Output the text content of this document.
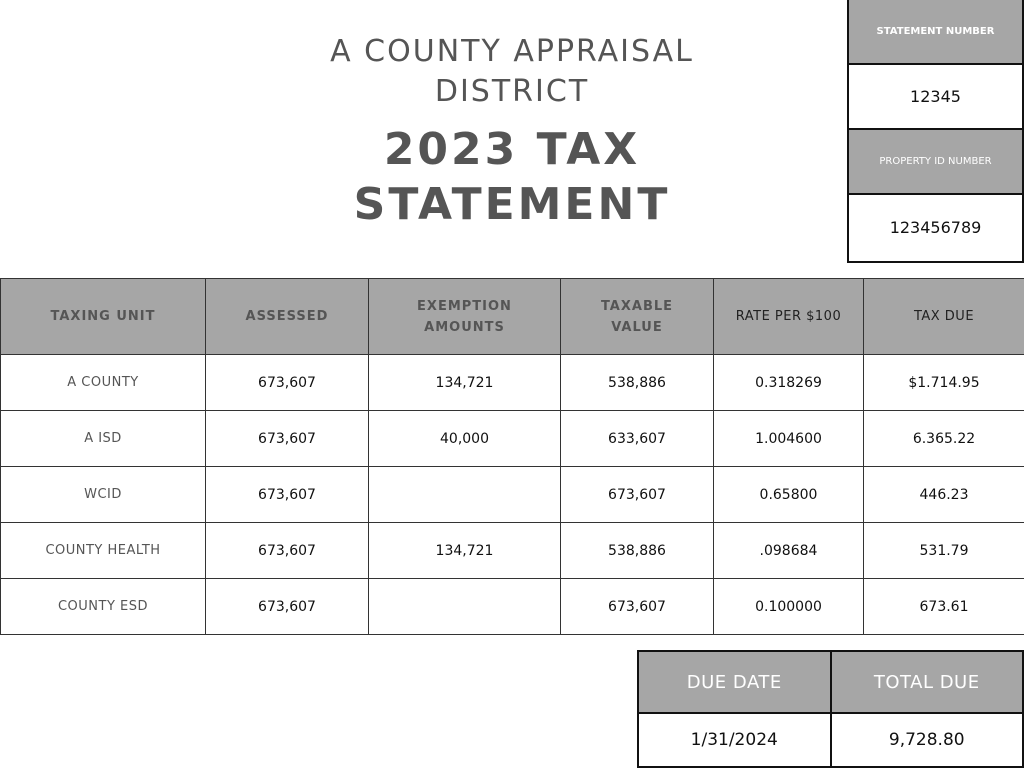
A COUNTY APPRAISAL DISTRICT
2023 TAX STATEMENT
STATEMENT NUMBER
12345
PROPERTY ID NUMBER
123456789
TAXING UNIT	ASSESSED	EXEMPTION AMOUNTS	TAXABLE VALUE	RATE PER $100	TAX DUE
A COUNTY	673,607	134,721	538,886	0.318269	$1.714.95
A ISD	673,607	40,000	633,607	1.004600	6.365.22
WCID	673,607		673,607	0.65800	446.23
COUNTY HEALTH	673,607	134,721	538,886	.098684	531.79
COUNTY ESD	673,607		673,607	0.100000	673.61
DUE DATE	TOTAL DUE
1/31/2024	9,728.80
